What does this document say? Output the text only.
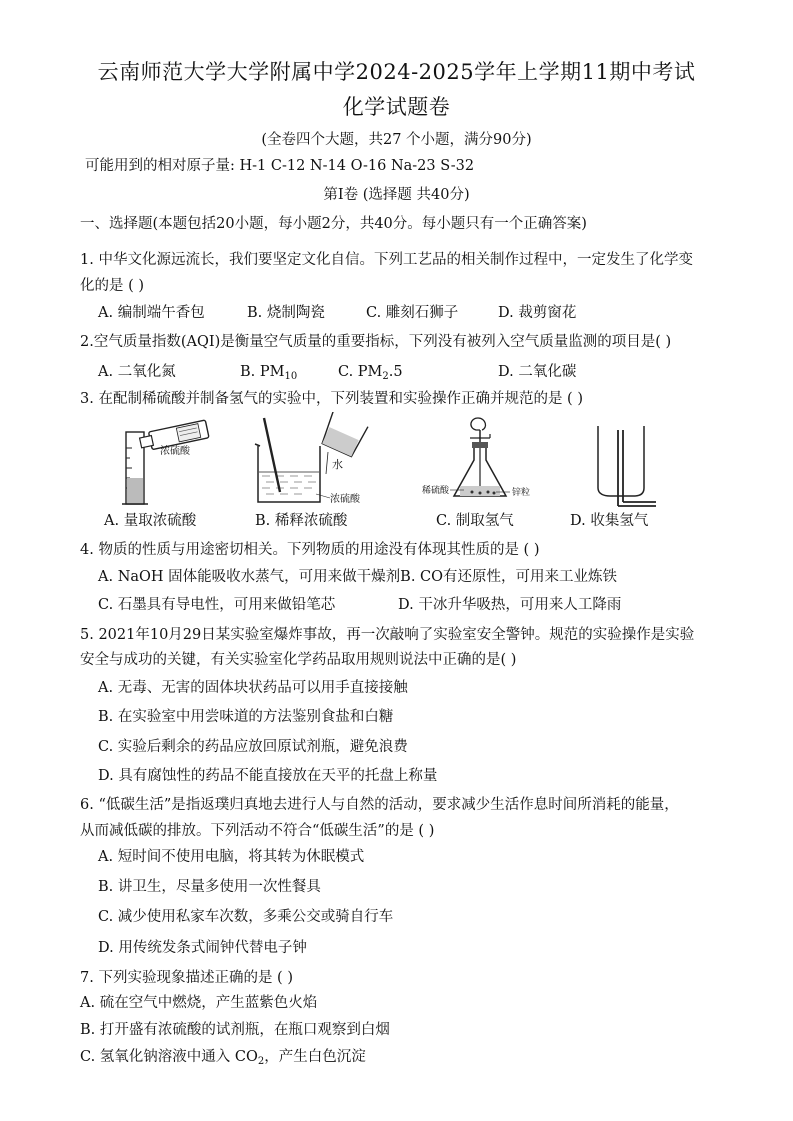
云南师范大学大学附属中学2024-2025学年上学期11期中考试
化学试题卷
(全卷四个大题，共27 个小题，满分90分)
可能用到的相对原子量: H-1 C-12 N-14 O-16 Na-23 S-32
第Ⅰ卷 (选择题 共40分)
一、选择题(本题包括20小题，每小题2分，共40分。每小题只有一个正确答案)
1. 中华文化源远流长，我们要坚定文化自信。下列工艺品的相关制作过程中，一定发生了化学变
化的是 ( )
A. 编制端午香包	B. 烧制陶瓷	C. 雕刻石狮子	D. 裁剪窗花
2.空气质量指数(AQI)是衡量空气质量的重要指标，下列没有被列入空气质量监测的项目是( )
A. 二氧化氮	B. $PM_{10}$	C. $PM_2.5$	D. 二氧化碳
3. 在配制稀硫酸并制备氢气的实验中，下列装置和实验操作正确并规范的是 ( )
浓硫酸
水
浓硫酸
稀硫酸	锌粒
A. 量取浓硫酸	B. 稀释浓硫酸	C. 制取氢气	D. 收集氢气
4. 物质的性质与用途密切相关。下列物质的用途没有体现其性质的是 ( )
A. NaOH 固体能吸收水蒸气，可用来做干燥剂B. CO有还原性，可用来工业炼铁
C. 石墨具有导电性，可用来做铅笔芯	D. 干冰升华吸热，可用来人工降雨
5. 2021年10月29日某实验室爆炸事故，再一次敲响了实验室安全警钟。规范的实验操作是实验
安全与成功的关键，有关实验室化学药品取用规则说法中正确的是( )
A. 无毒、无害的固体块状药品可以用手直接接触
B. 在实验室中用尝味道的方法鉴别食盐和白糖
C. 实验后剩余的药品应放回原试剂瓶，避免浪费
D. 具有腐蚀性的药品不能直接放在天平的托盘上称量
6. “低碳生活”是指返璞归真地去进行人与自然的活动，要求减少生活作息时间所消耗的能量，
从而减低碳的排放。下列活动不符合“低碳生活”的是 ( )
A. 短时间不使用电脑，将其转为休眠模式
B. 讲卫生，尽量多使用一次性餐具
C. 减少使用私家车次数，多乘公交或骑自行车
D. 用传统发条式闹钟代替电子钟
7. 下列实验现象描述正确的是 ( )
A. 硫在空气中燃烧，产生蓝紫色火焰
B. 打开盛有浓硫酸的试剂瓶，在瓶口观察到白烟
C. 氢氧化钠溶液中通入 $CO_2$，产生白色沉淀
